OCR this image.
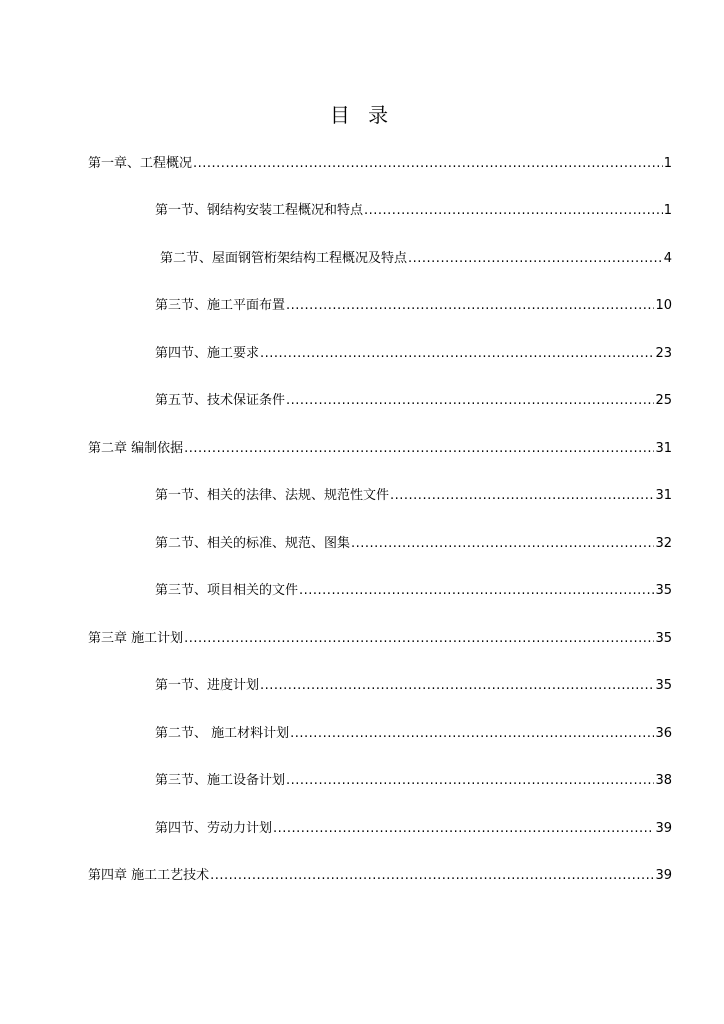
目 录
第一章、工程概况 .....	1
第一节、钢结构安装工程概况和特点 .....	1
第二节、屋面钢管桁架结构工程概况及特点 .....	4
第三节、施工平面布置 .....	10
第四节、施工要求 .....	23
第五节、技术保证条件 .....	25
第二章 编制依据 .....	31
第一节、相关的法律、法规、规范性文件 .....	31
第二节、相关的标准、规范、图集 .....	32
第三节、项目相关的文件 .....	35
第三章 施工计划 .....	35
第一节、进度计划 .....	35
第二节、 施工材料计划 .....	36
第三节、施工设备计划 .....	38
第四节、劳动力计划 .....	39
第四章 施工工艺技术 .....	39
